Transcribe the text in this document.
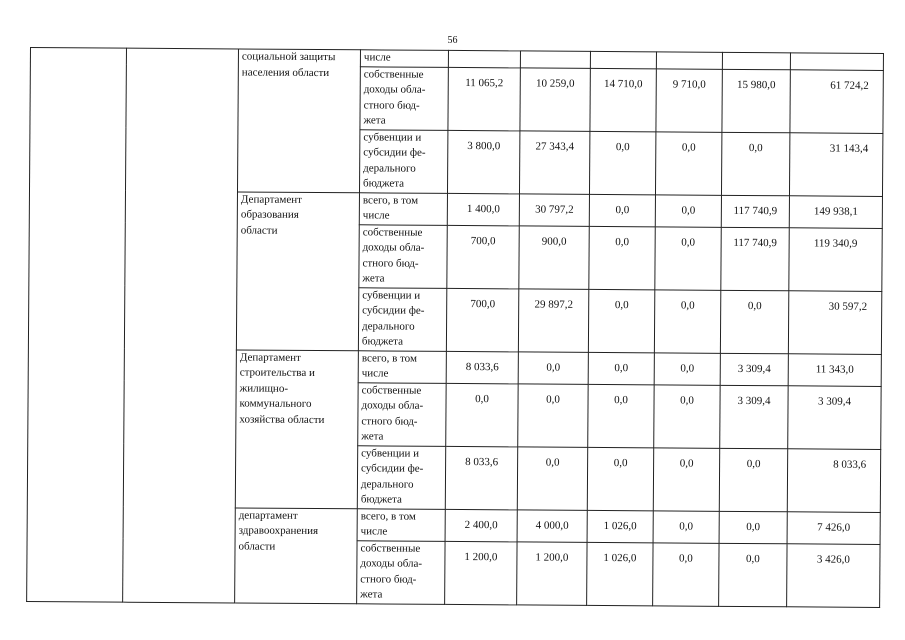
56
		социальной защиты
населения области	числе						
			собственные
доходы обла-
стного бюд-
жета	11 065,2	10 259,0	14 710,0	9 710,0	15 980,0	61 724,2
			субвенции и
субсидии фе-
дерального
бюджета	3 800,0	27 343,4	0,0	0,0	0,0	31 143,4
		Департамент
образования
области	всего, в том
числе	1 400,0	30 797,2	0,0	0,0	117 740,9	149 938,1
			собственные
доходы обла-
стного бюд-
жета	700,0	900,0	0,0	0,0	117 740,9	119 340,9
			субвенции и
субсидии фе-
дерального
бюджета	700,0	29 897,2	0,0	0,0	0,0	30 597,2
		Департамент
строительства и
жилищно-
коммунального
хозяйства области	всего, в том
числе	8 033,6	0,0	0,0	0,0	3 309,4	11 343,0
			собственные
доходы обла-
стного бюд-
жета	0,0	0,0	0,0	0,0	3 309,4	3 309,4
			субвенции и
субсидии фе-
дерального
бюджета	8 033,6	0,0	0,0	0,0	0,0	8 033,6
		департамент
здравоохранения
области	всего, в том
числе	2 400,0	4 000,0	1 026,0	0,0	0,0	7 426,0
			собственные
доходы обла-
стного бюд-
жета	1 200,0	1 200,0	1 026,0	0,0	0,0	3 426,0
